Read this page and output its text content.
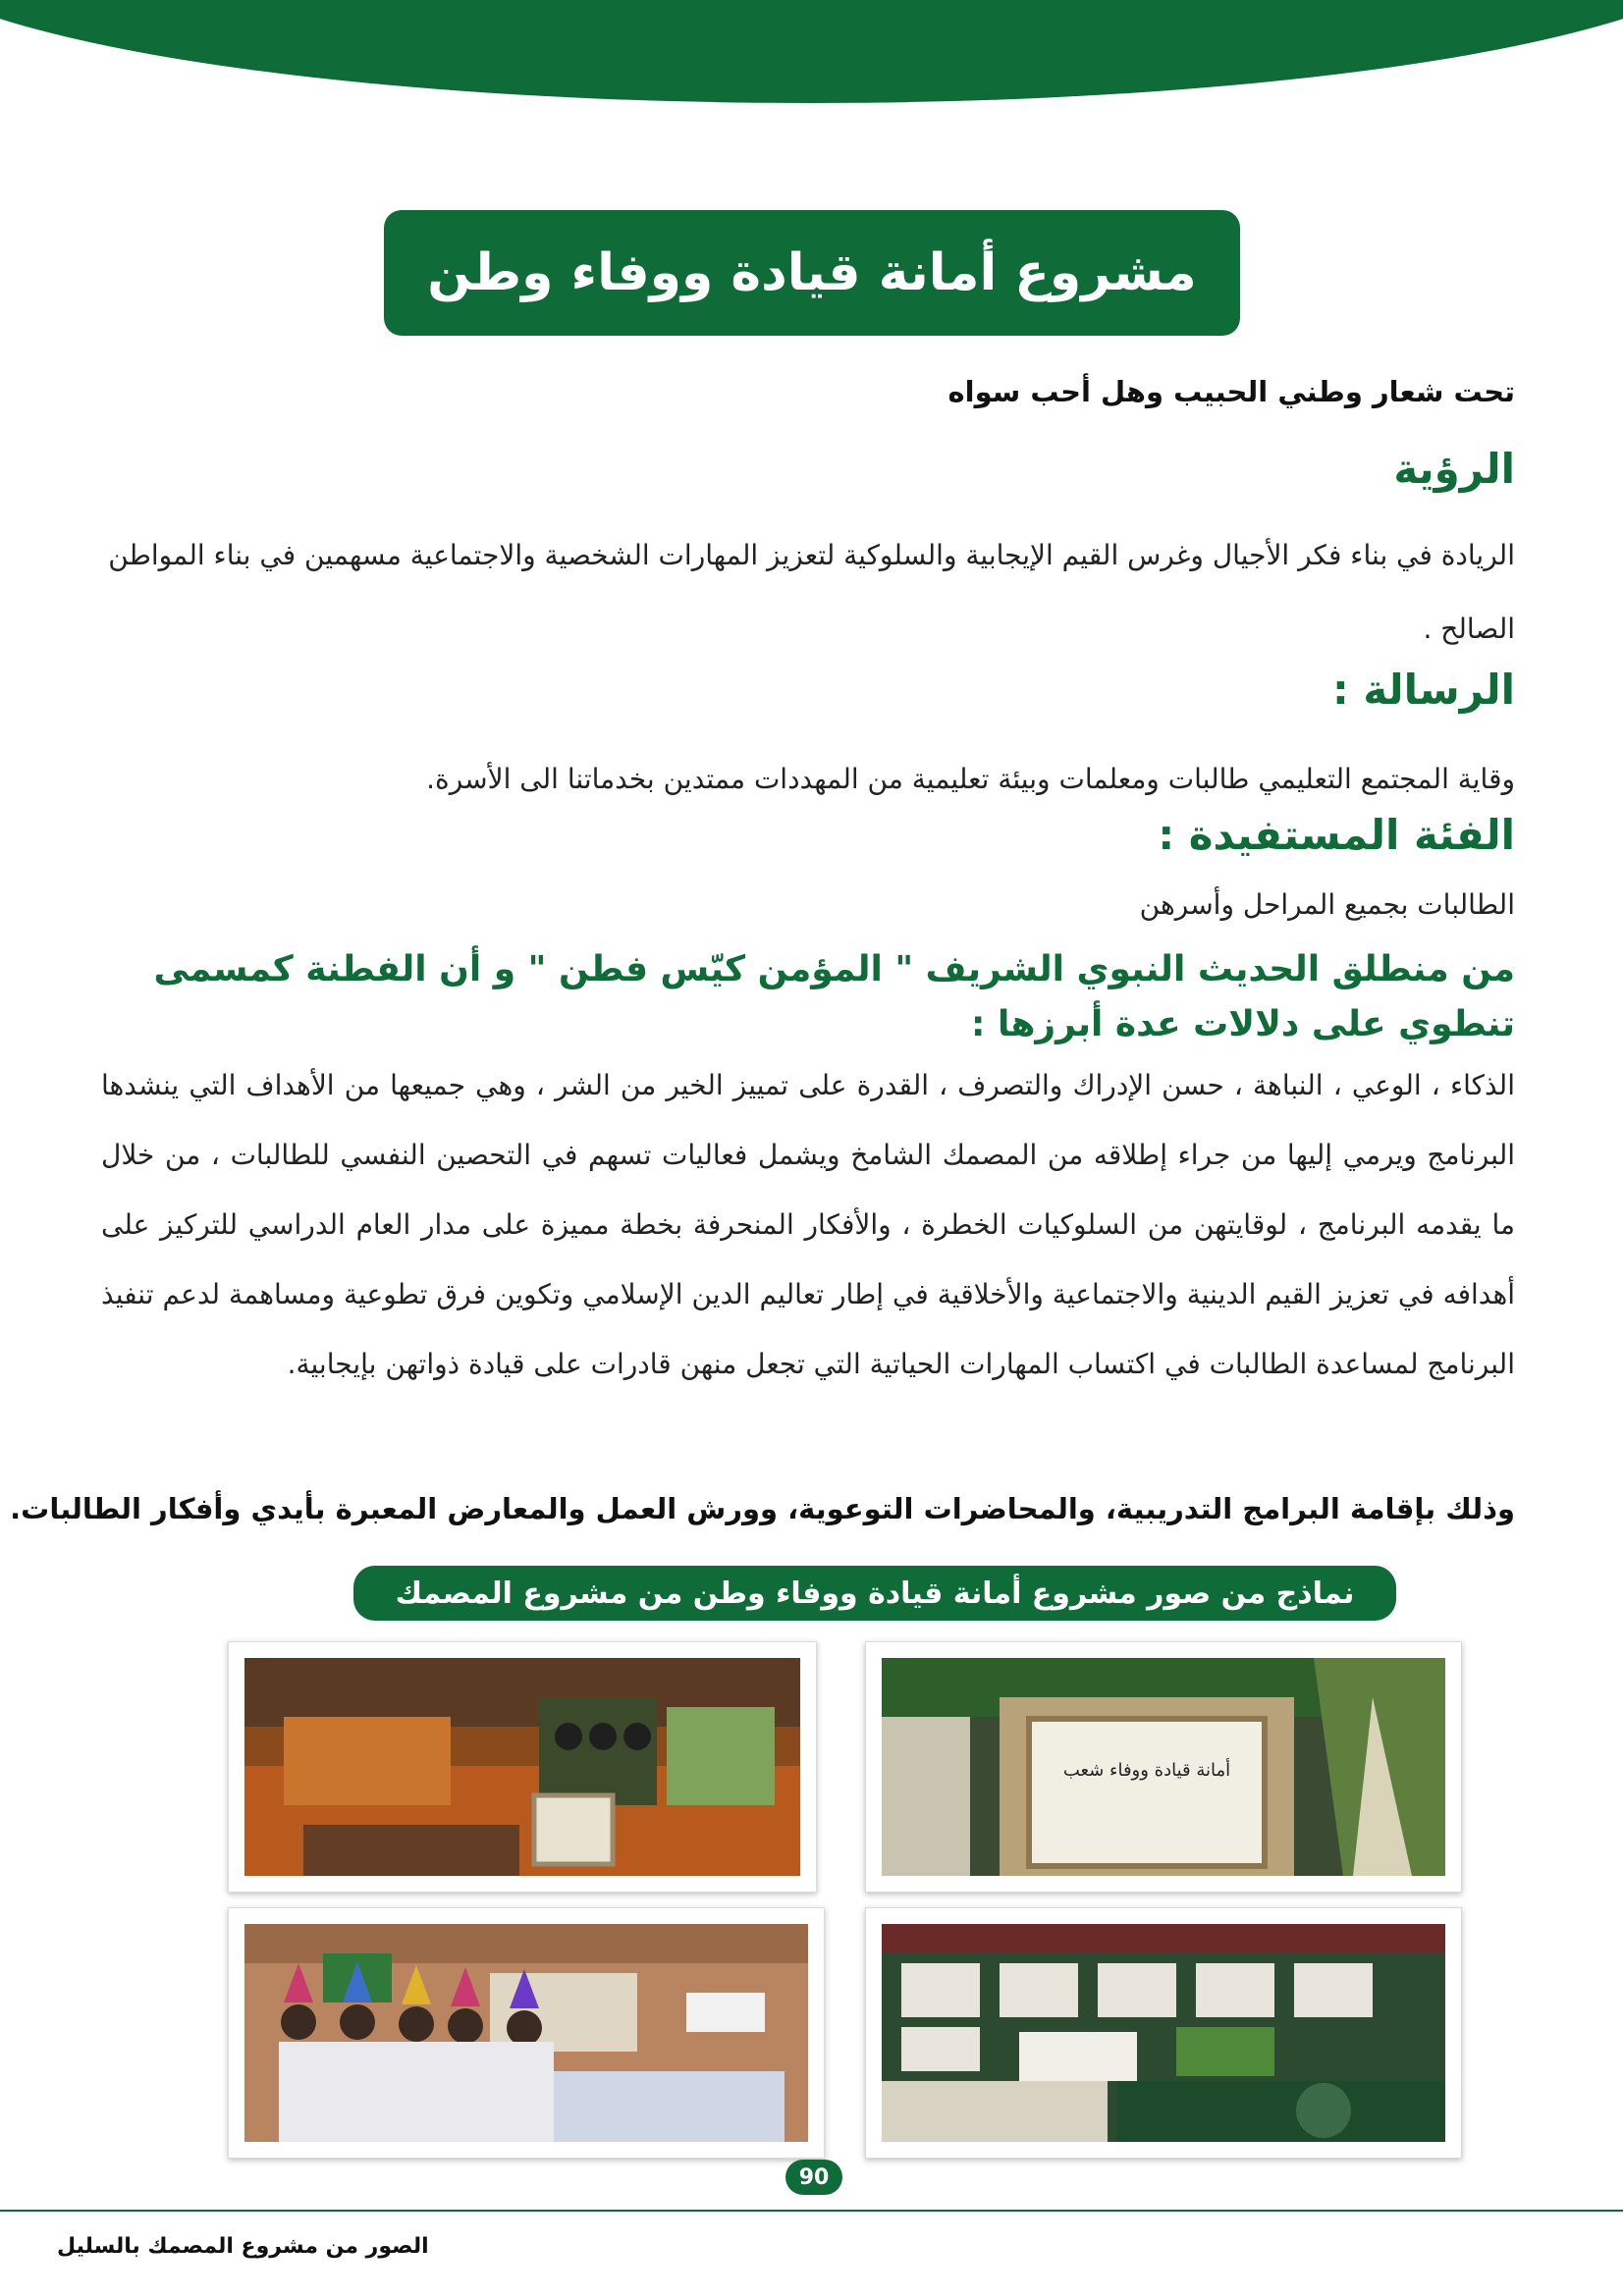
مشروع أمانة قيادة ووفاء وطن
تحت شعار وطني الحبيب وهل أحب سواه
الرؤية
الريادة في بناء فكر الأجيال وغرس القيم الإيجابية والسلوكية لتعزيز المهارات الشخصية والاجتماعية مسهمين في بناء المواطن الصالح .
الرسالة :
وقاية المجتمع التعليمي طالبات ومعلمات وبيئة تعليمية من المهددات ممتدين بخدماتنا الى الأسرة.
الفئة المستفيدة :
الطالبات بجميع المراحل وأسرهن
من منطلق الحديث النبوي الشريف " المؤمن كيّس فطن " و أن الفطنة كمسمى تنطوي على دلالات عدة أبرزها :
الذكاء ، الوعي ، النباهة ، حسن الإدراك والتصرف ، القدرة على تمييز الخير من الشر ، وهي جميعها من الأهداف التي ينشدها البرنامج ويرمي إليها من جراء إطلاقه من المصمك الشامخ ويشمل فعاليات تسهم في التحصين النفسي للطالبات ، من خلال ما يقدمه البرنامج ، لوقايتهن من السلوكيات الخطرة ، والأفكار المنحرفة بخطة مميزة على مدار العام الدراسي للتركيز على أهدافه في تعزيز القيم الدينية والاجتماعية والأخلاقية في إطار تعاليم الدين الإسلامي وتكوين فرق تطوعية ومساهمة لدعم تنفيذ البرنامج لمساعدة الطالبات في اكتساب المهارات الحياتية التي تجعل منهن قادرات على قيادة ذواتهن بإيجابية.
وذلك بإقامة البرامج التدريبية، والمحاضرات التوعوية، وورش العمل والمعارض المعبرة بأيدي وأفكار الطالبات.
نماذج من صور مشروع أمانة قيادة ووفاء وطن من مشروع المصمك
أمانة قيادة ووفاء شعب
90
الصور من مشروع المصمك بالسليل
